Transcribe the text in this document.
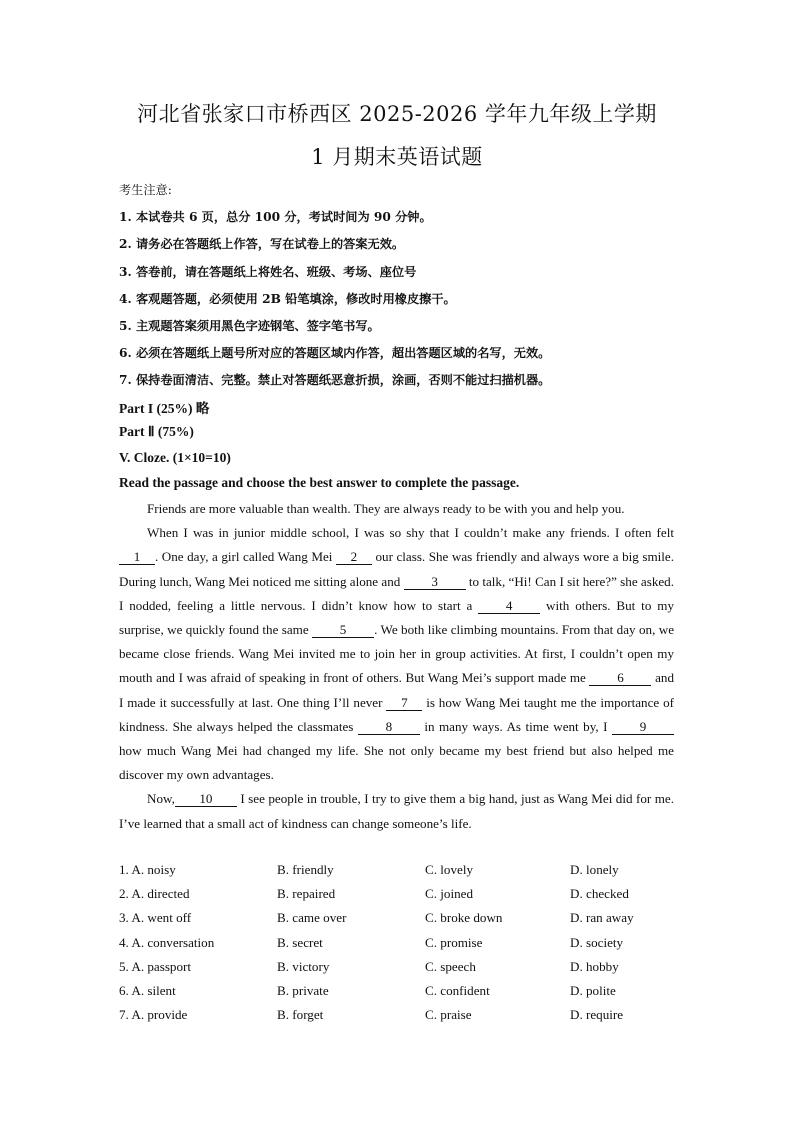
河北省张家口市桥西区 2025-2026 学年九年级上学期
1 月期末英语试题
考生注意:
1. 本试卷共 6 页，总分 100 分，考试时间为 90 分钟。
2. 请务必在答题纸上作答，写在试卷上的答案无效。
3. 答卷前，请在答题纸上将姓名、班级、考场、座位号
4. 客观题答题，必须使用 2B 铅笔填涂，修改时用橡皮擦干。
5. 主观题答案须用黑色字迹钢笔、签字笔书写。
6. 必须在答题纸上题号所对应的答题区域内作答，超出答题区域的名写，无效。
7. 保持卷面清洁、完整。禁止对答题纸恶意折损，涂画，否则不能过扫描机器。
Part I (25%) 略
Part Ⅱ (75%)
V. Cloze. (1×10=10)
Read the passage and choose the best answer to complete the passage.

Friends are more valuable than wealth. They are always ready to be with you and help you.

When I was in junior middle school, I was so shy that I couldn’t make any friends. I often felt 1 . One day, a girl called Wang Mei 2 our class. She was friendly and always wore a big smile. During lunch, Wang Mei noticed me sitting alone and 3 to talk, “Hi! Can I sit here?” she asked. I nodded, feeling a little nervous. I didn’t know how to start a 4 with others. But to my surprise, we quickly found the same 5 . We both like climbing mountains. From that day on, we became close friends. Wang Mei invited me to join her in group activities. At first, I couldn’t open my mouth and I was afraid of speaking in front of others. But Wang Mei’s support made me 6 and I made it successfully at last. One thing I’ll never 7 is how Wang Mei taught me the importance of kindness. She always helped the classmates 8 in many ways. As time went by, I 9 how much Wang Mei had changed my life. She not only became my best friend but also helped me discover my own advantages.

Now, 10 I see people in trouble, I try to give them a big hand, just as Wang Mei did for me. I’ve learned that a small act of kindness can change someone’s life.

1. A. noisy	B. friendly	C. lovely	D. lonely
2. A. directed	B. repaired	C. joined	D. checked
3. A. went off	B. came over	C. broke down	D. ran away
4. A. conversation	B. secret	C. promise	D. society
5. A. passport	B. victory	C. speech	D. hobby
6. A. silent	B. private	C. confident	D. polite
7. A. provide	B. forget	C. praise	D. require
